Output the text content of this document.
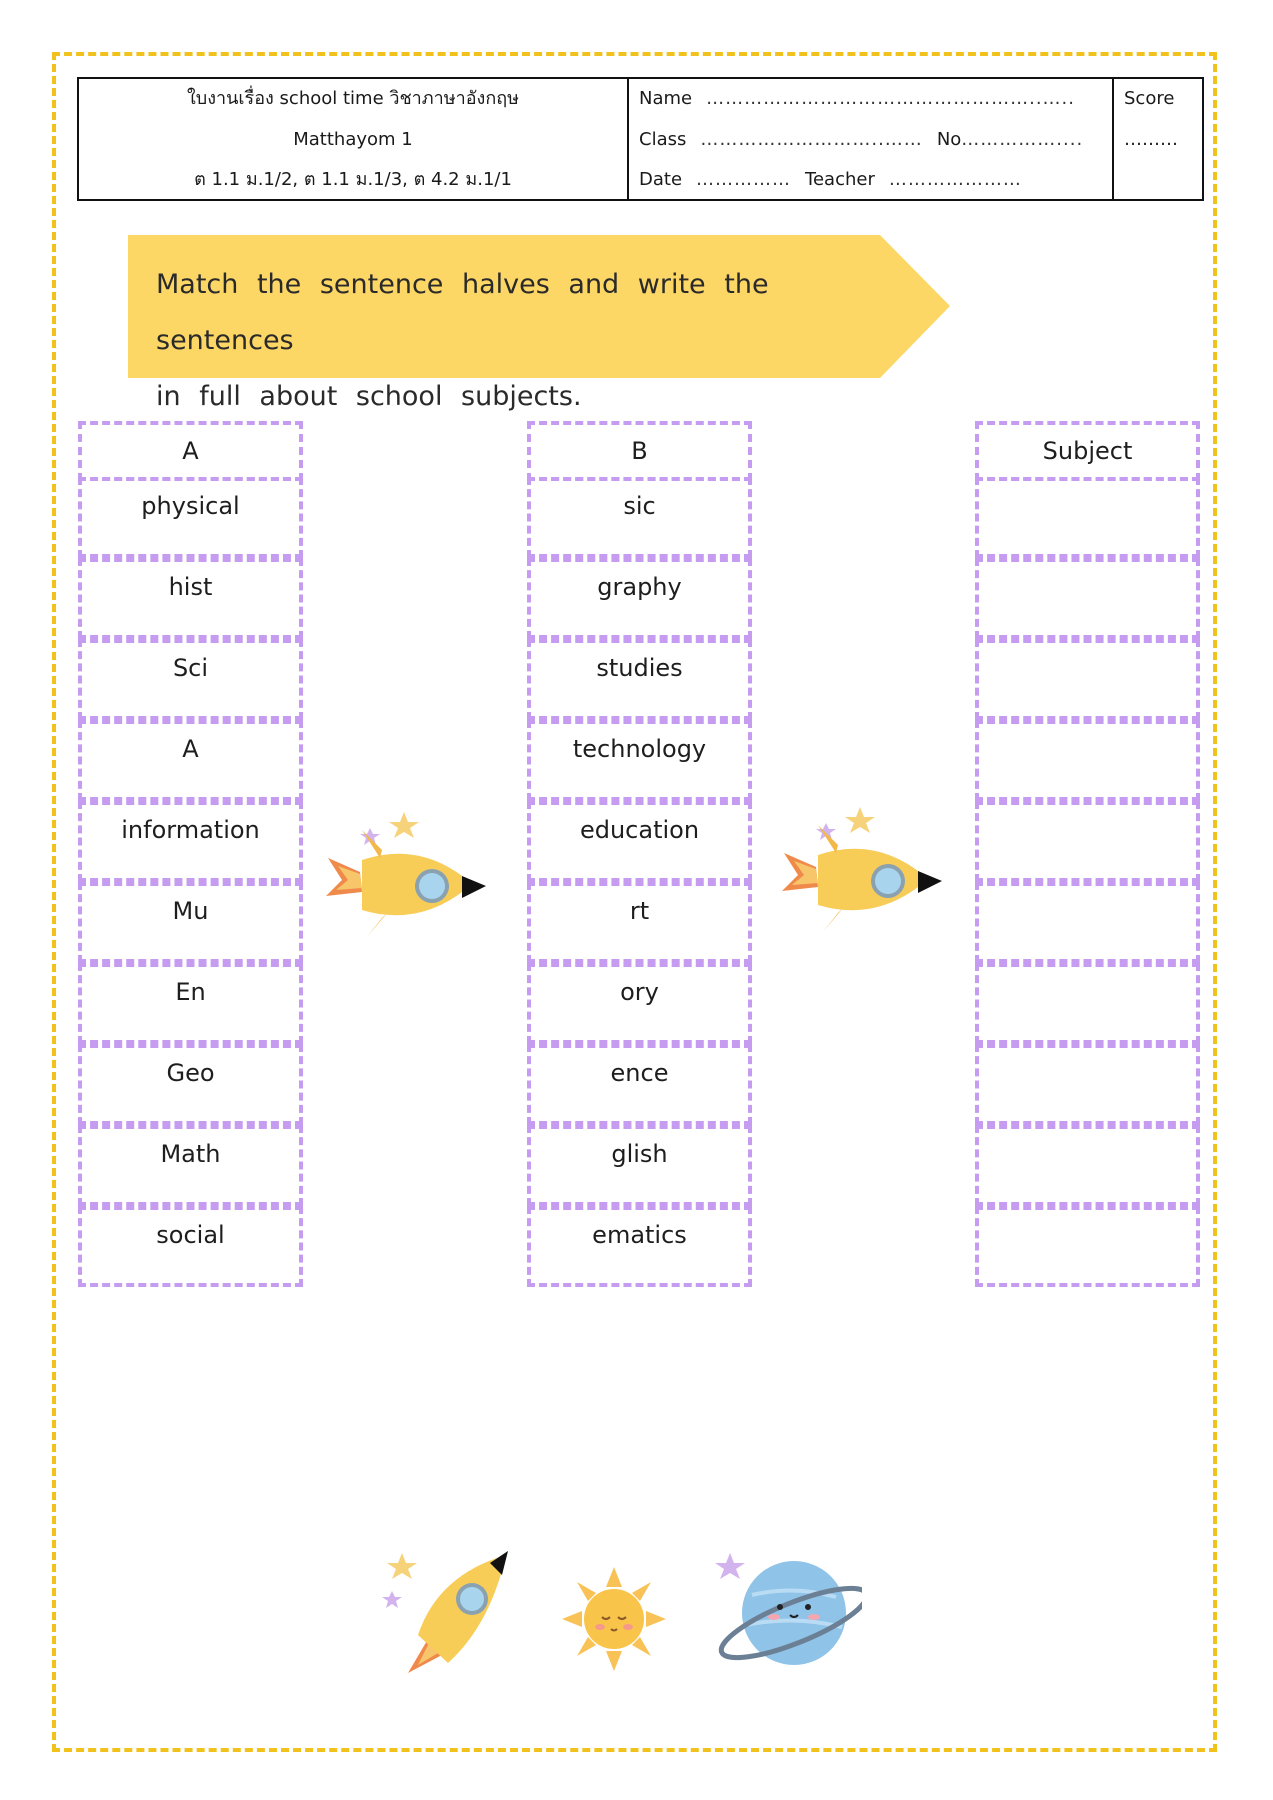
ใบงานเรื่อง school time วิชาภาษาอังกฤษ
Matthayom 1
ต 1.1 ม.1/2, ต 1.1 ม.1/3, ต 4.2 ม.1/1
Name ……………………………………………..…..
Class ………………………..…… No……………....
Date …………… Teacher …………………
Score
………
Match the sentence halves and write the sentences
in full about school subjects.
A
physical
hist
Sci
A
information
Mu
En
Geo
Math
social
B
sic
graphy
studies
technology
education
rt
ory
ence
glish
ematics
Subject
